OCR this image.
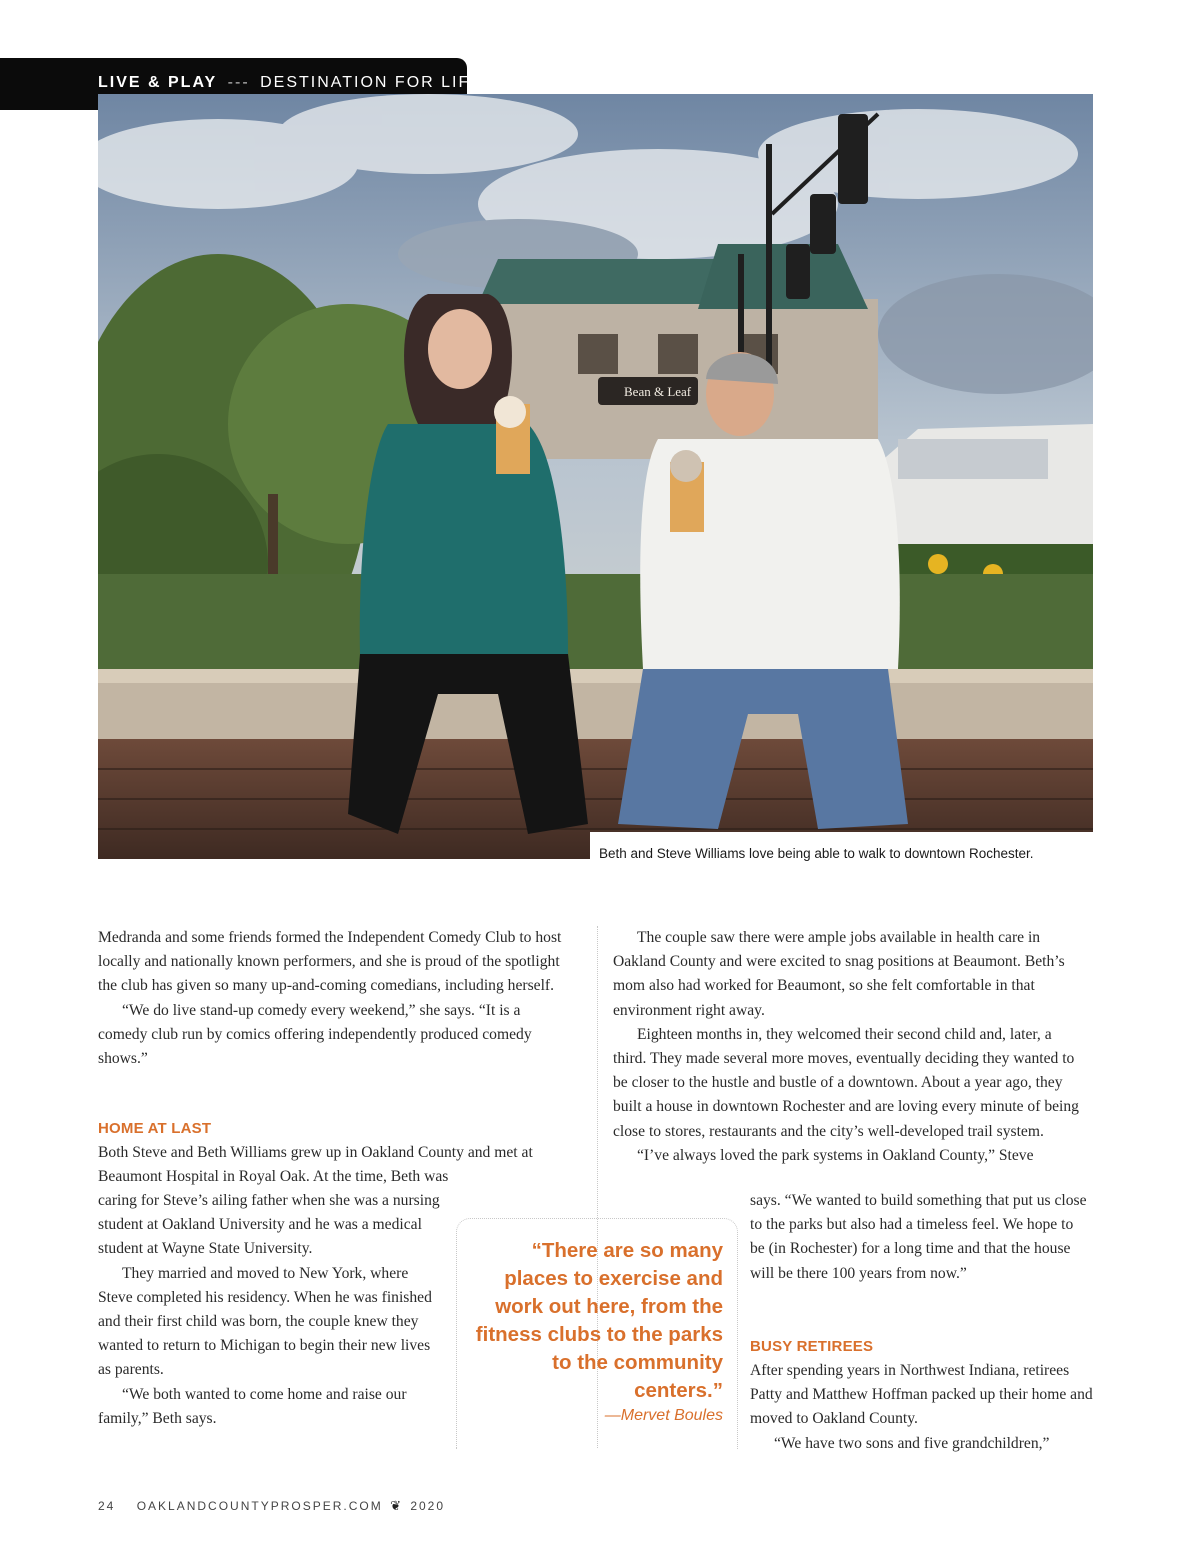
LIVE & PLAY --- DESTINATION FOR LIFE
Bean & Leaf
Beth and Steve Williams love being able to walk to downtown Rochester.

Medranda and some friends formed the Independent Comedy Club to host locally and nationally known performers, and she is proud of the spotlight the club has given so many up-and-coming comedians, including herself.

“We do live stand-up comedy every weekend,” she says. “It is a comedy club run by comics offering independently produced comedy shows.”

HOME AT LAST

Both Steve and Beth Williams grew up in Oakland County and met at Beaumont Hospital in Royal Oak. At the time, Beth was

caring for Steve’s ailing father when she was a nursing student at Oakland University and he was a medical student at Wayne State University.

They married and moved to New York, where Steve completed his residency. When he was finished and their first child was born, the couple knew they wanted to return to Michigan to begin their new lives as parents.

“We both wanted to come home and raise our family,” Beth says.

The couple saw there were ample jobs available in health care in Oakland County and were excited to snag positions at Beaumont. Beth’s mom also had worked for Beaumont, so she felt comfortable in that environment right away.

Eighteen months in, they welcomed their second child and, later, a third. They made several more moves, eventually deciding they wanted to be closer to the hustle and bustle of a downtown. About a year ago, they built a house in downtown Rochester and are loving every minute of being close to stores, restaurants and the city’s well-developed trail system.

“I’ve always loved the park systems in Oakland County,” Steve

says. “We wanted to build something that put us close to the parks but also had a timeless feel. We hope to be (in Rochester) for a long time and that the house will be there 100 years from now.”

BUSY RETIREES

After spending years in Northwest Indiana, retirees Patty and Matthew Hoffman packed up their home and moved to Oakland County.

“We have two sons and five grandchildren,”

“There are so many places to exercise and work out here, from the fitness clubs to the parks to the community centers.”
—Mervet Boules
24 OAKLANDCOUNTYPROSPER.COM ❦ 2020
